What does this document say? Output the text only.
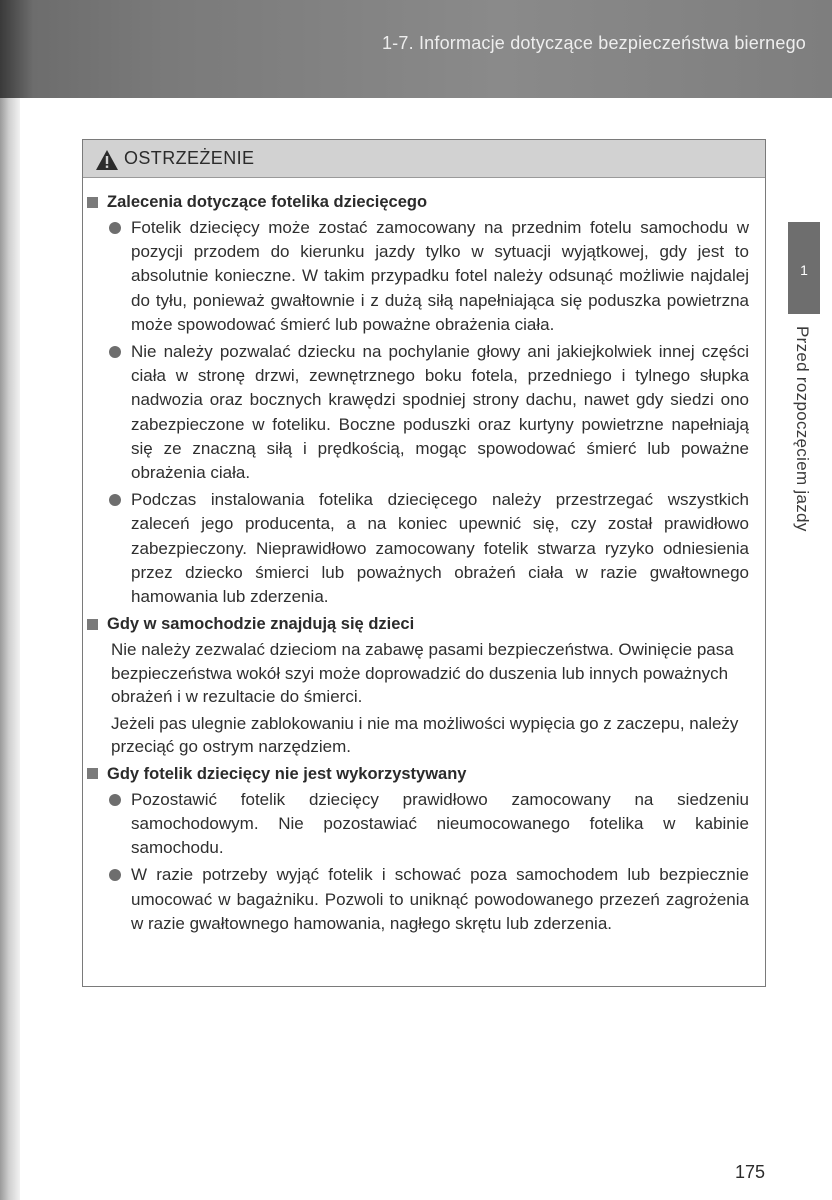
1-7. Informacje dotyczące bezpieczeństwa biernego
1
Przed rozpoczęciem jazdy
OSTRZEŻENIE
Zalecenia dotyczące fotelika dziecięcego
Fotelik dziecięcy może zostać zamocowany na przednim fotelu samochodu w pozycji przodem do kierunku jazdy tylko w sytuacji wyjątkowej, gdy jest to absolutnie konieczne. W takim przypadku fotel należy odsunąć możliwie najdalej do tyłu, ponieważ gwałtownie i z dużą siłą napełniająca się poduszka powietrzna może spowodować śmierć lub poważne obrażenia ciała.
Nie należy pozwalać dziecku na pochylanie głowy ani jakiejkolwiek innej części ciała w stronę drzwi, zewnętrznego boku fotela, przedniego i tylnego słupka nadwozia oraz bocznych krawędzi spodniej strony dachu, nawet gdy siedzi ono zabezpieczone w foteliku. Boczne poduszki oraz kurtyny powietrzne napełniają się ze znaczną siłą i prędkością, mogąc spowodować śmierć lub poważne obrażenia ciała.
Podczas instalowania fotelika dziecięcego należy przestrzegać wszystkich zaleceń jego producenta, a na koniec upewnić się, czy został prawidłowo zabezpieczony. Nieprawidłowo zamocowany fotelik stwarza ryzyko odniesienia przez dziecko śmierci lub poważnych obrażeń ciała w razie gwałtownego hamowania lub zderzenia.
Gdy w samochodzie znajdują się dzieci
Nie należy zezwalać dzieciom na zabawę pasami bezpieczeństwa. Owinięcie pasa bezpieczeństwa wokół szyi może doprowadzić do duszenia lub innych poważnych obrażeń i w rezultacie do śmierci.
Jeżeli pas ulegnie zablokowaniu i nie ma możliwości wypięcia go z zaczepu, należy przeciąć go ostrym narzędziem.
Gdy fotelik dziecięcy nie jest wykorzystywany
Pozostawić fotelik dziecięcy prawidłowo zamocowany na siedzeniu samochodowym. Nie pozostawiać nieumocowanego fotelika w kabinie samochodu.
W razie potrzeby wyjąć fotelik i schować poza samochodem lub bezpiecznie umocować w bagażniku. Pozwoli to uniknąć powodowanego przezeń zagrożenia w razie gwałtownego hamowania, nagłego skrętu lub zderzenia.
175
